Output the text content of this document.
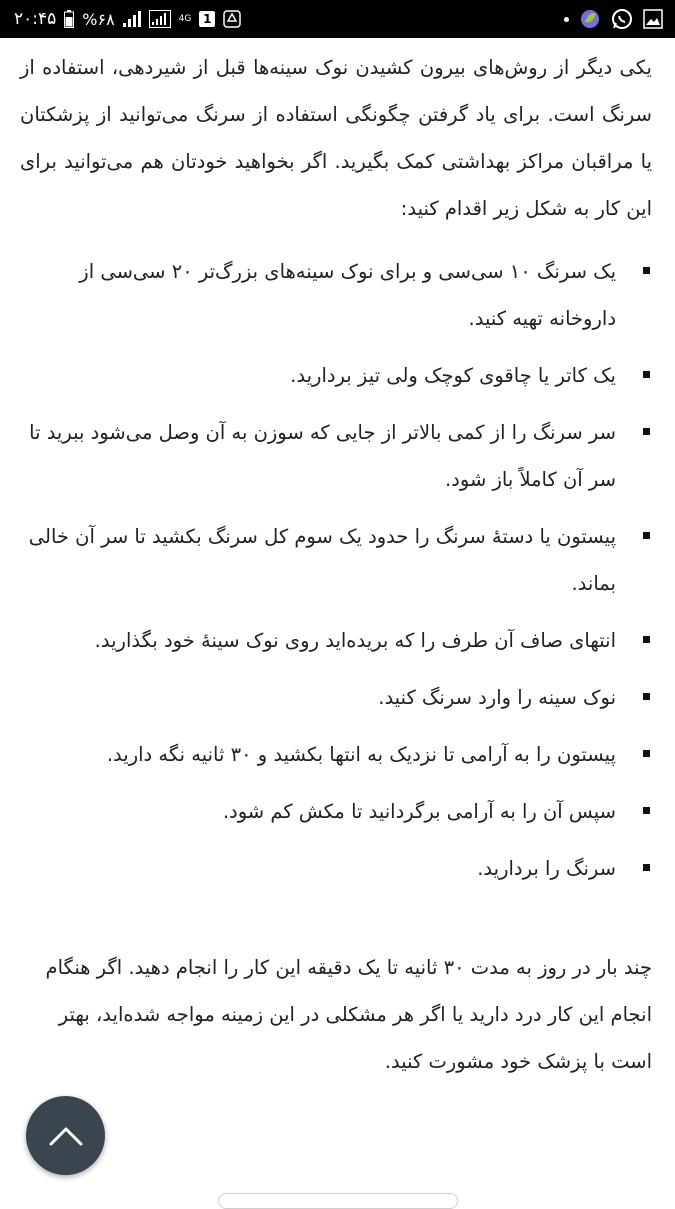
۲۰:۴۵ %۶۸	4G 1

یکی دیگر از روش‌های بیرون کشیدن نوک سینه‌ها قبل از شیردهی، استفاده از سرنگ است. برای یاد گرفتن چگونگی استفاده از سرنگ می‌توانید از پزشکتان یا مراقبان مراکز بهداشتی کمک بگیرید. اگر بخواهید خودتان هم می‌توانید برای این کار به شکل زیر اقدام کنید:

یک سرنگ ۱۰ سی‌سی و برای نوک سینه‌های بزرگ‌تر ۲۰ سی‌سی از داروخانه تهیه کنید.
یک کاتر یا چاقوی کوچک ولی تیز بردارید.
سر سرنگ را از کمی بالاتر از جایی که سوزن به آن وصل می‌شود ببرید تا سر آن کاملاً باز شود.
پیستون یا دستهٔ سرنگ را حدود یک سوم کل سرنگ بکشید تا سر آن خالی بماند.
انتهای صاف آن طرف را که بریده‌اید روی نوک سینهٔ خود بگذارید.
نوک سینه را وارد سرنگ کنید.
پیستون را به آرامی تا نزدیک به انتها بکشید و ۳۰ ثانیه نگه دارید.
سپس آن را به آرامی برگردانید تا مکش کم شود.
سرنگ را بردارید.

چند بار در روز به مدت ۳۰ ثانیه تا یک دقیقه این کار را انجام دهید. اگر هنگام انجام این کار درد دارید یا اگر هر مشکلی در این زمینه مواجه شده‌اید، بهتر است با پزشک خود مشورت کنید.
